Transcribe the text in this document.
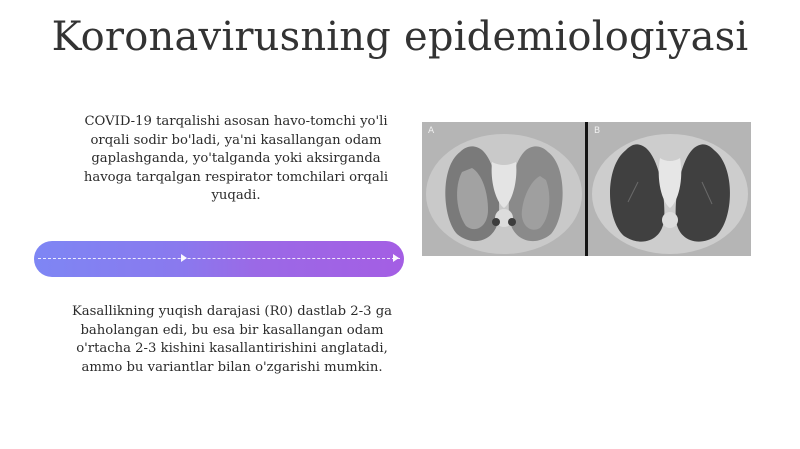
Koronavirusning epidemiologiyasi
COVID-19 tarqalishi asosan havo-tomchi yo'li orqali sodir bo'ladi, ya'ni kasallangan odam gaplashganda, yo'talganda yoki aksirganda havoga tarqalgan respirator tomchilari orqali yuqadi.
Kasallikning yuqish darajasi (R0) dastlab 2-3 ga baholangan edi, bu esa bir kasallangan odam o'rtacha 2-3 kishini kasallantirishini anglatadi, ammo bu variantlar bilan o'zgarishi mumkin.
A	B
